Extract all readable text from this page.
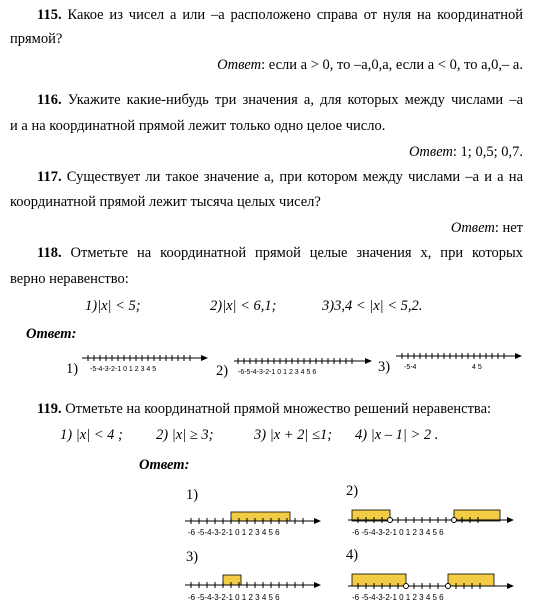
115. Какое из чисел a или –a расположено справа от нуля на координатной
прямой?
Ответ: если a > 0, то –a,0,a, если a < 0, то a,0,– a.
116. Укажите какие-нибудь три значения a, для которых между числами –a
и a на координатной прямой лежит только одно целое число.
Ответ: 1; 0,5; 0,7.
117. Существует ли такое значение a, при котором между числами –a и a на
координатной прямой лежит тысяча целых чисел?
Ответ: нет
118. Отметьте на координатной прямой целые значения x, при которых
верно неравенство:
1)|x| < 5;	2)|x| < 6,1;	3)3,4 < |x| < 5,2.
Ответ:
1) -5-4-3-2-1 0 1 2 3 4 5	2) -6-5-4-3-2-1 0 1 2 3 4 5 6	3) -5-4	4 5
119. Отметьте на координатной прямой множество решений неравенства:
1) |x| < 4 ; 2) |x| ≥ 3;	3) |x + 2| ≤1; 4) |x – 1| > 2 .
Ответ:
1)
-6 -5-4-3-2-1 0 1 2 3 4 5 6
2)
-6 -5-4-3-2-1 0 1 2 3 4 5 6
3)
-6 -5-4-3-2-1 0 1 2 3 4 5 6
4)
-6 -5-4-3-2-1 0 1 2 3 4 5 6
